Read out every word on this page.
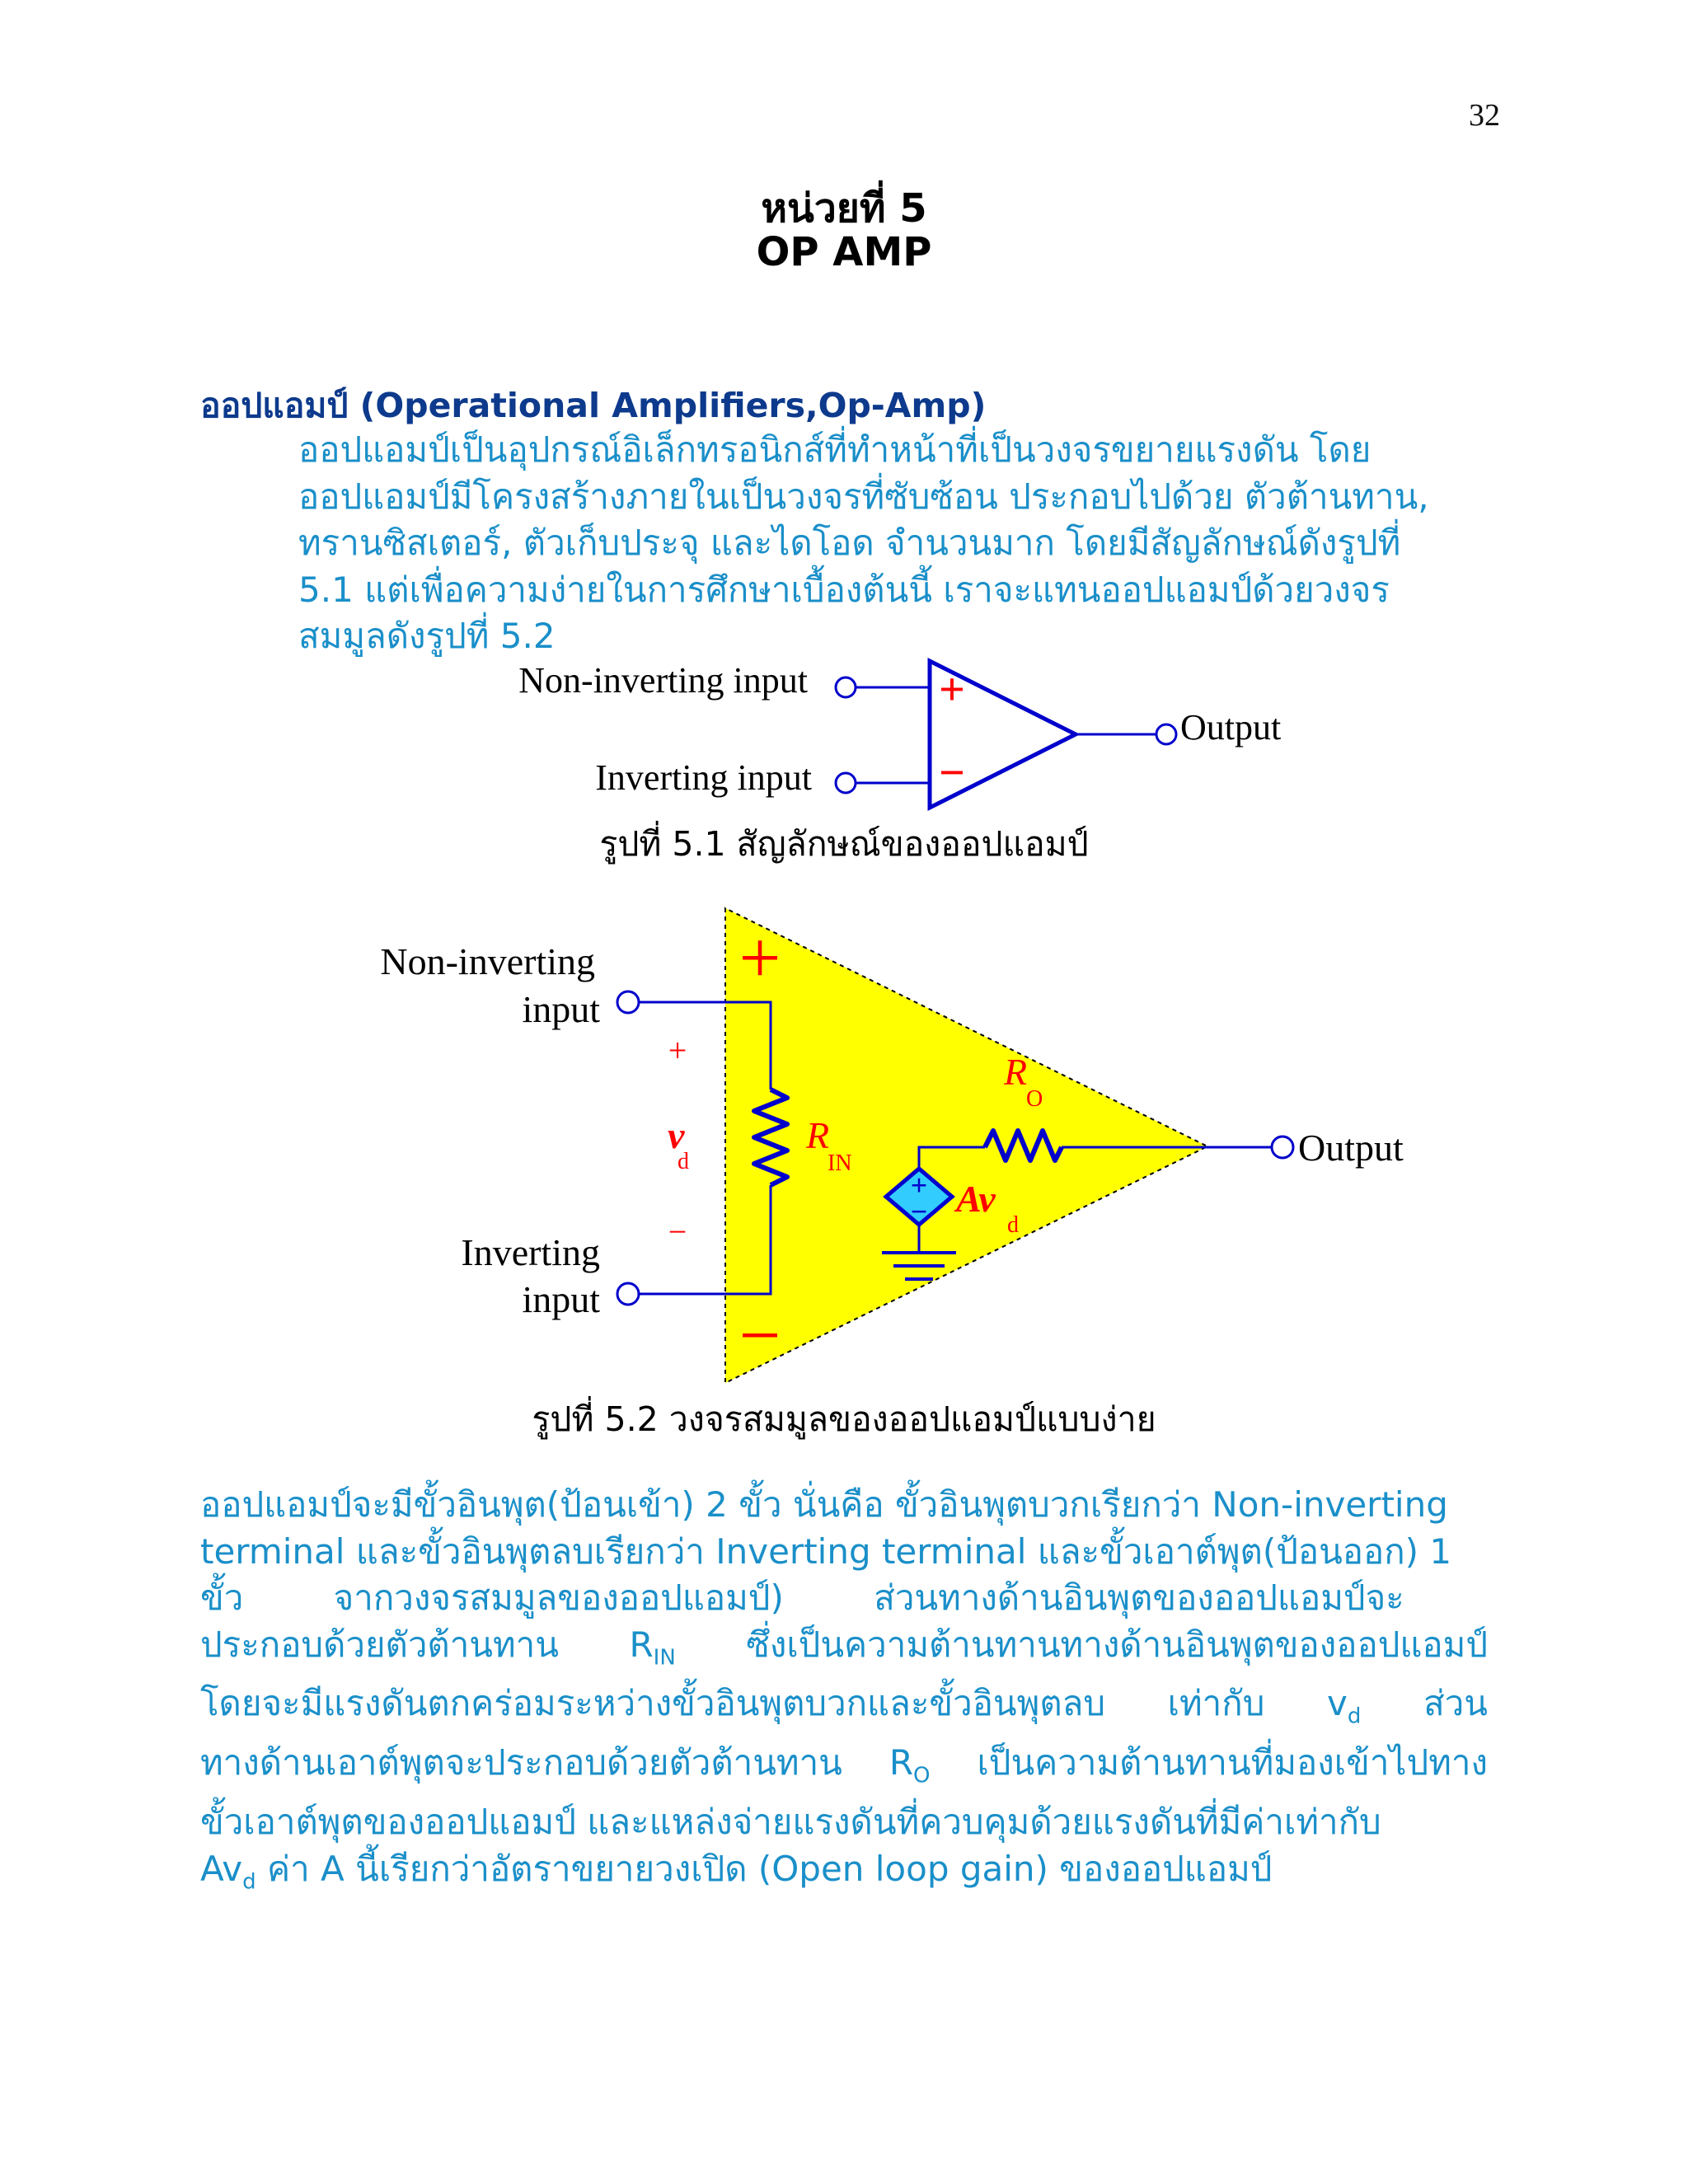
32
หน่วยที่ 5
OP AMP
ออปแอมป์ (Operational Amplifiers,Op-Amp)

ออปแอมป์เป็นอุปกรณ์อิเล็กทรอนิกส์ที่ทำหน้าที่เป็นวงจรขยายแรงดัน โดย

ออปแอมป์มีโครงสร้างภายในเป็นวงจรที่ซับซ้อน ประกอบไปด้วย ตัวต้านทาน,

ทรานซิสเตอร์, ตัวเก็บประจุ และไดโอด จำนวนมาก โดยมีสัญลักษณ์ดังรูปที่

5.1 แต่เพื่อความง่ายในการศึกษาเบื้องต้นนี้ เราจะแทนออปแอมป์ด้วยวงจร

สมมูลดังรูปที่ 5.2

Non-inverting input
Inverting input
+
−
Output
รูปที่ 5.1 สัญลักษณ์ของออปแอมป์
Non-inverting
input
Inverting
input
+
−
+
−
v
d
R
IN
R
O
+
− Av
d
Output
รูปที่ 5.2 วงจรสมมูลของออปแอมป์แบบง่าย
ออปแอมป์จะมีขั้วอินพุต(ป้อนเข้า) 2 ขั้ว นั่นคือ ขั้วอินพุตบวกเรียกว่า Non-inverting
terminal และขั้วอินพุตลบเรียกว่า Inverting terminal และขั้วเอาต์พุต(ป้อนออก) 1
ขั้ว จากวงจรสมมูลของออปแอมป์) ส่วนทางด้านอินพุตของออปแอมป์จะ
ประกอบด้วยตัวต้านทาน $R_{IN}$ ซึ่งเป็นความต้านทานทางด้านอินพุตของออปแอมป์
โดยจะมีแรงดันตกคร่อมระหว่างขั้วอินพุตบวกและขั้วอินพุตลบ เท่ากับ $v_d$ ส่วน
ทางด้านเอาต์พุตจะประกอบด้วยตัวต้านทาน $R_O$ เป็นความต้านทานที่มองเข้าไปทาง
ขั้วเอาต์พุตของออปแอมป์ และแหล่งจ่ายแรงดันที่ควบคุมด้วยแรงดันที่มีค่าเท่ากับ
$Av_d$ ค่า A นี้เรียกว่าอัตราขยายวงเปิด (Open loop gain) ของออปแอมป์
